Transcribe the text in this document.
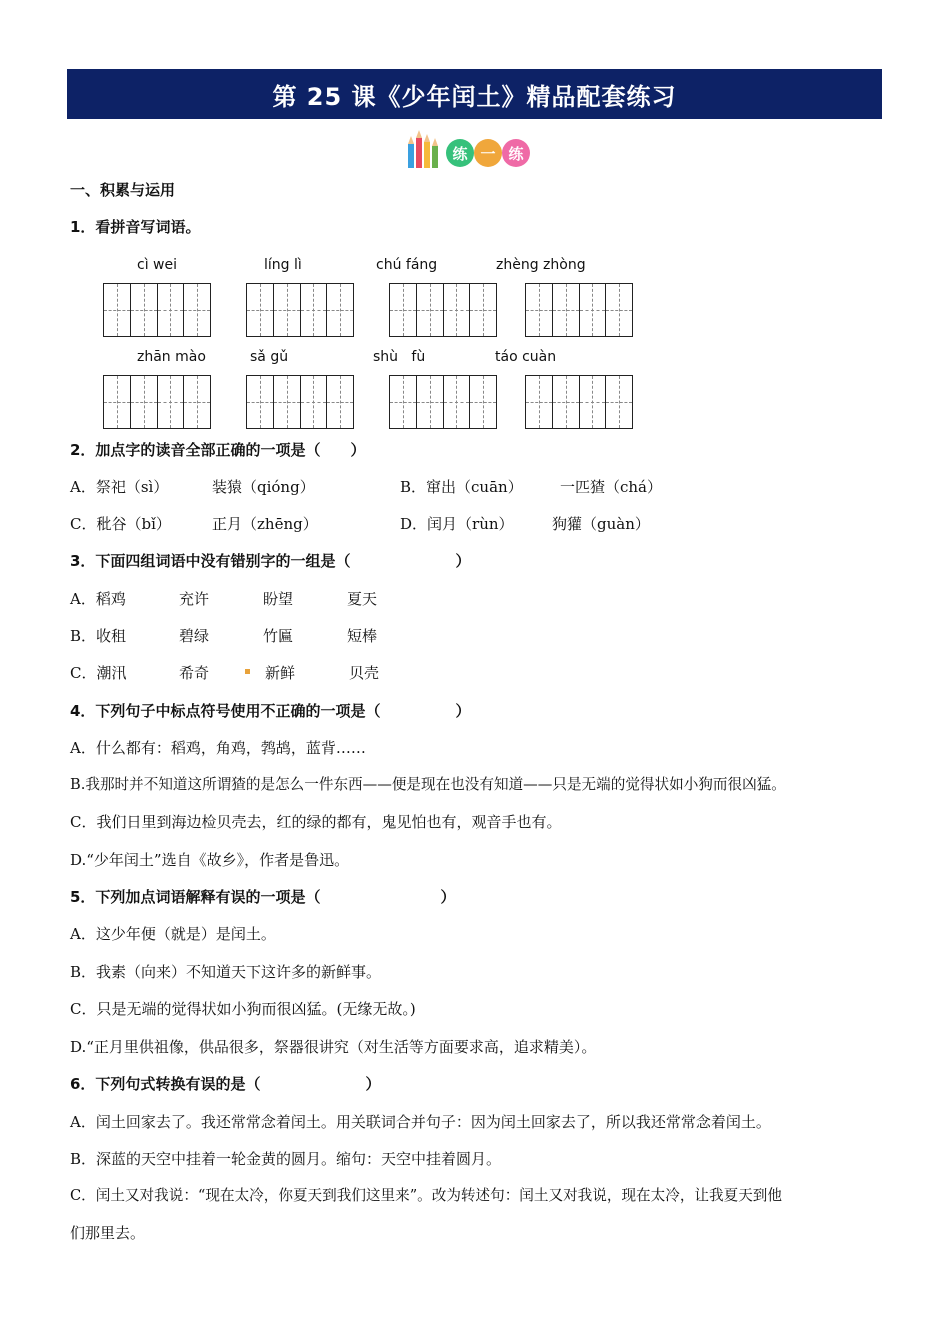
第 25 课《少年闰土》精品配套练习
练 一 练
一、积累与运用
1．看拼音写词语。
cì wei	líng lì	chú fáng	zhèng zhòng
zhān mào	sǎ gǔ	shù   fù	táo cuàn
2．加点字的读音全部正确的一项是（　　）
A．祭祀（sì）	装猿（qióng）	B．窜出（cuān） 一匹猹（chá）
C．秕谷（bǐ）	正月（zhēng）	D．闰月（rùn）	狗獾（guàn）
3．下面四组词语中没有错别字的一组是（　　　　　　　）
A．稻鸡	充许	盼望	夏天
B．收租	碧绿	竹匾	短棒
C．潮汛	希奇	新鲜	贝壳
4．下列句子中标点符号使用不正确的一项是（　　　　　）
A．什么都有：稻鸡，角鸡，鹁鸪，蓝背……
B.我那时并不知道这所谓猹的是怎么一件东西——便是现在也没有知道——只是无端的觉得状如小狗而很凶猛。
C．我们日里到海边检贝壳去，红的绿的都有，鬼见怕也有，观音手也有。
D.“少年闰土”选自《故乡》，作者是鲁迅。
5．下列加点词语解释有误的一项是（　　　　　　　　）
A．这少年便（就是）是闰土。
B．我素（向来）不知道天下这许多的新鲜事。
C．只是无端的觉得状如小狗而很凶猛。(无缘无故。)
D.“正月里供祖像，供品很多，祭器很讲究（对生活等方面要求高，追求精美）。
6．下列句式转换有误的是（　　　　　　　）
A．闰土回家去了。我还常常念着闰土。用关联词合并句子：因为闰土回家去了，所以我还常常念着闰土。
B．深蓝的天空中挂着一轮金黄的圆月。缩句：天空中挂着圆月。
C．闰土又对我说：“现在太冷，你夏天到我们这里来”。改为转述句：闰土又对我说，现在太冷，让我夏天到他
们那里去。
